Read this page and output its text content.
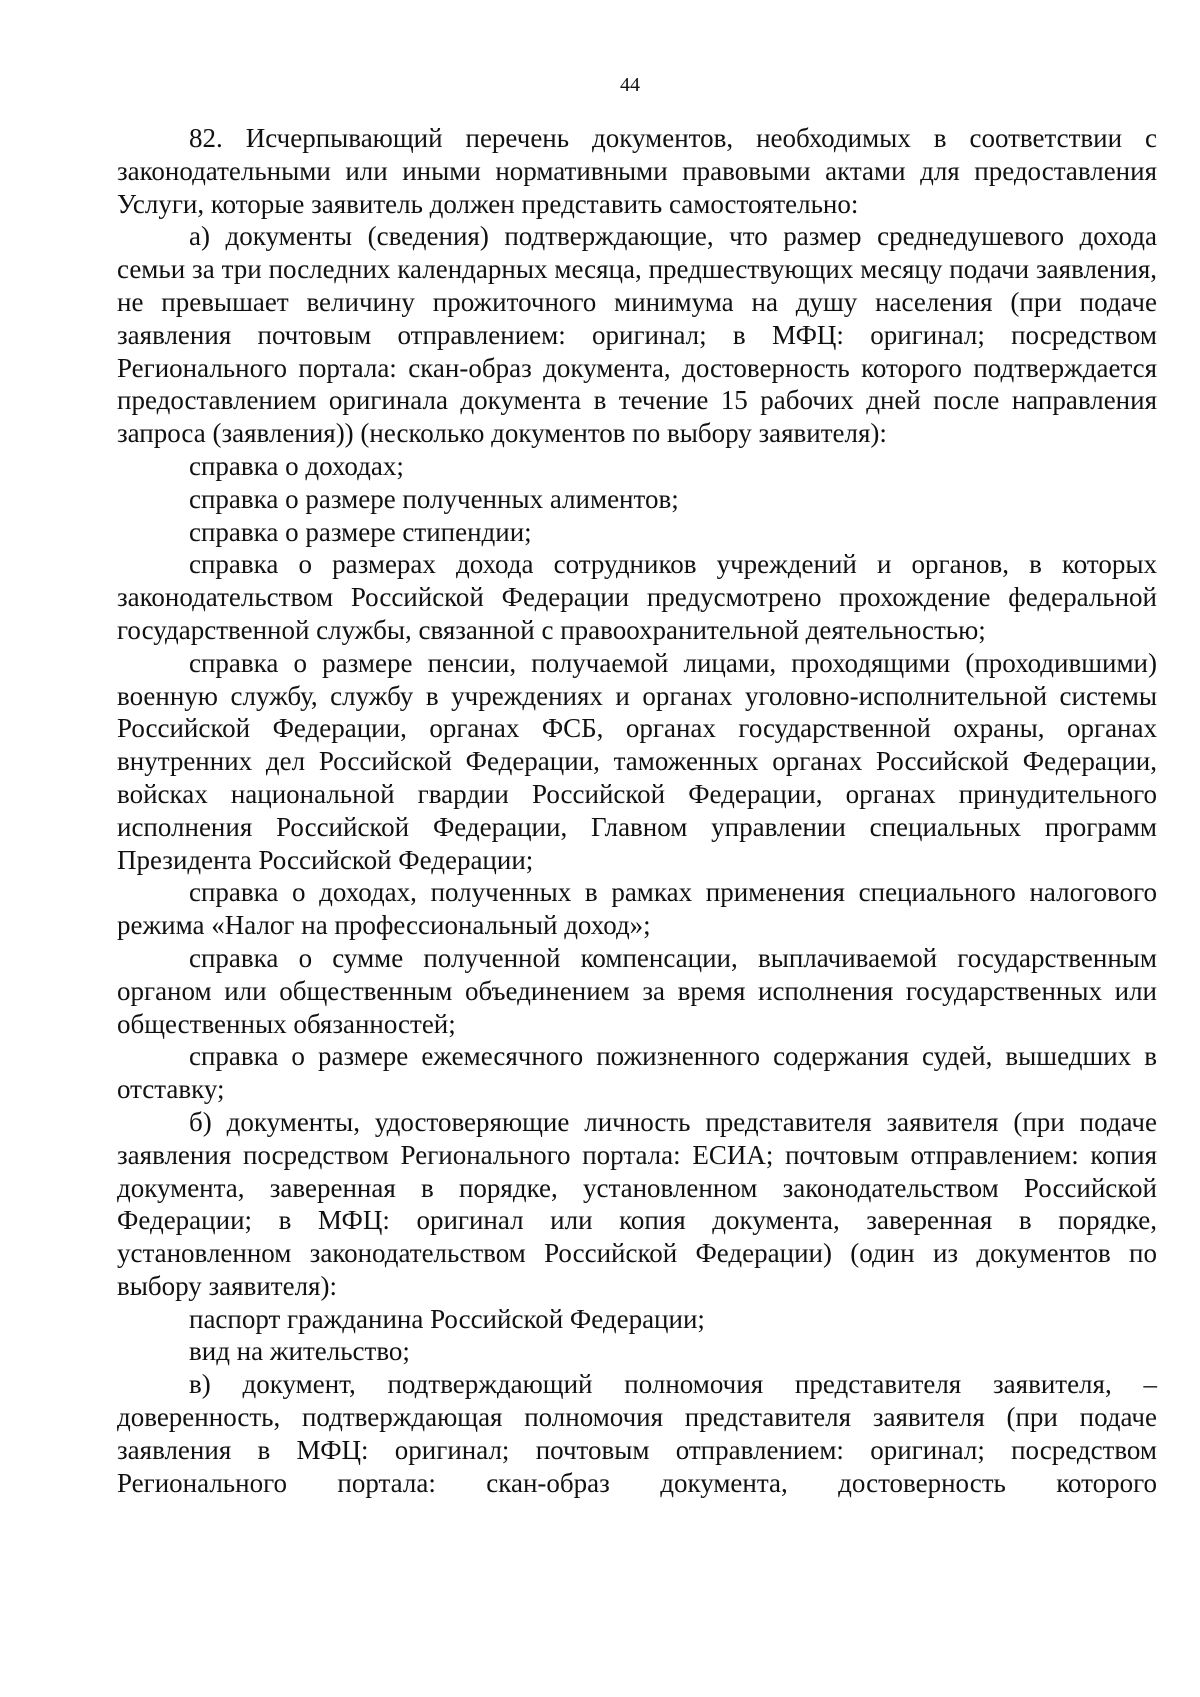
44

82. Исчерпывающий перечень документов, необходимых в соответствии с законодательными или иными нормативными правовыми актами для предоставления Услуги, которые заявитель должен представить самостоятельно:

а) документы (сведения) подтверждающие, что размер среднедушевого дохода семьи за три последних календарных месяца, предшествующих месяцу подачи заявления, не превышает величину прожиточного минимума на душу населения (при подаче заявления почтовым отправлением: оригинал; в МФЦ: оригинал; посредством Регионального портала: скан-образ документа, достоверность которого подтверждается предоставлением оригинала документа в течение 15 рабочих дней после направления запроса (заявления)) (несколько документов по выбору заявителя):

справка о доходах;

справка о размере полученных алиментов;

справка о размере стипендии;

справка о размерах дохода сотрудников учреждений и органов, в которых законодательством Российской Федерации предусмотрено прохождение федеральной государственной службы, связанной с правоохранительной деятельностью;

справка о размере пенсии, получаемой лицами, проходящими (проходившими) военную службу, службу в учреждениях и органах уголовно-исполнительной системы Российской Федерации, органах ФСБ, органах государственной охраны, органах внутренних дел Российской Федерации, таможенных органах Российской Федерации, войсках национальной гвардии Российской Федерации, органах принудительного исполнения Российской Федерации, Главном управлении специальных программ Президента Российской Федерации;

справка о доходах, полученных в рамках применения специального налогового режима «Налог на профессиональный доход»;

справка о сумме полученной компенсации, выплачиваемой государственным органом или общественным объединением за время исполнения государственных или общественных обязанностей;

справка о размере ежемесячного пожизненного содержания судей, вышедших в отставку;

б) документы, удостоверяющие личность представителя заявителя (при подаче заявления посредством Регионального портала: ЕСИА; почтовым отправлением: копия документа, заверенная в порядке, установленном законодательством Российской Федерации; в МФЦ: оригинал или копия документа, заверенная в порядке, установленном законодательством Российской Федерации) (один из документов по выбору заявителя):

паспорт гражданина Российской Федерации;

вид на жительство;

в) документ, подтверждающий полномочия представителя заявителя, – доверенность, подтверждающая полномочия представителя заявителя (при подаче заявления в МФЦ: оригинал; почтовым отправлением: оригинал; посредством Регионального портала: скан-образ документа, достоверность которого
